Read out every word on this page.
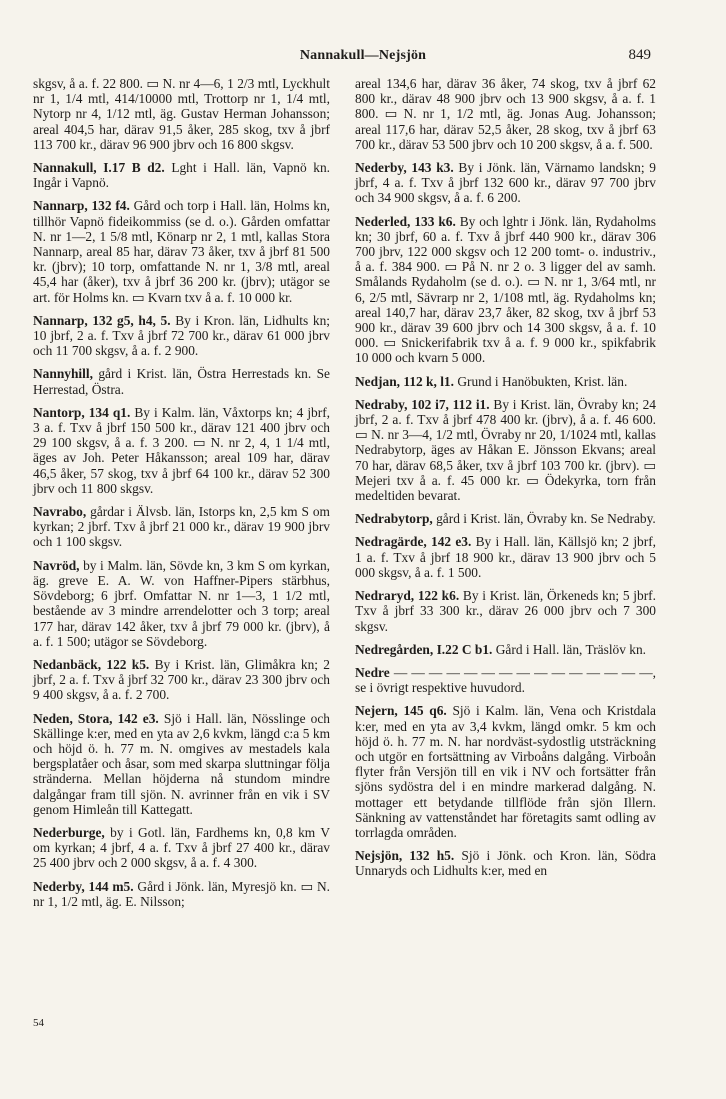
Nannakull—Nejsjön	849

skgsv, å a. f. 22 800. ▭ N. nr 4—6, 1 2/3 mtl, Lyckhult nr 1, 1/4 mtl, 414/10000 mtl, Trottorp nr 1, 1/4 mtl, Nytorp nr 4, 1/12 mtl, äg. Gustav Herman Johansson; areal 404,5 har, därav 91,5 åker, 285 skog, txv å jbrf 113 700 kr., därav 96 900 jbrv och 16 800 skgsv.

Nannakull, I.17 B d2. Lght i Hall. län, Vapnö kn. Ingår i Vapnö.

Nannarp, 132 f4. Gård och torp i Hall. län, Holms kn, tillhör Vapnö fideikommiss (se d. o.). Gården omfattar N. nr 1—2, 1 5/8 mtl, Könarp nr 2, 1 mtl, kallas Stora Nannarp, areal 85 har, därav 73 åker, txv å jbrf 81 500 kr. (jbrv); 10 torp, omfattande N. nr 1, 3/8 mtl, areal 45,4 har (åker), txv å jbrf 36 200 kr. (jbrv); utägor se art. för Holms kn. ▭ Kvarn txv å a. f. 10 000 kr.

Nannarp, 132 g5, h4, 5. By i Kron. län, Lidhults kn; 10 jbrf, 2 a. f. Txv å jbrf 72 700 kr., därav 61 000 jbrv och 11 700 skgsv, å a. f. 2 900.

Nannyhill, gård i Krist. län, Östra Herrestads kn. Se Herrestad, Östra.

Nantorp, 134 q1. By i Kalm. län, Våxtorps kn; 4 jbrf, 3 a. f. Txv å jbrf 150 500 kr., därav 121 400 jbrv och 29 100 skgsv, å a. f. 3 200. ▭ N. nr 2, 4, 1 1/4 mtl, äges av Joh. Peter Håkansson; areal 109 har, därav 46,5 åker, 57 skog, txv å jbrf 64 100 kr., därav 52 300 jbrv och 11 800 skgsv.

Navrabo, gårdar i Älvsb. län, Istorps kn, 2,5 km S om kyrkan; 2 jbrf. Txv å jbrf 21 000 kr., därav 19 900 jbrv och 1 100 skgsv.

Navröd, by i Malm. län, Sövde kn, 3 km S om kyrkan, äg. greve E. A. W. von Haffner-Pipers stärbhus, Sövdeborg; 6 jbrf. Omfattar N. nr 1—3, 1 1/2 mtl, bestående av 3 mindre arrendelotter och 3 torp; areal 177 har, därav 142 åker, txv å jbrf 79 000 kr. (jbrv), å a. f. 1 500; utägor se Sövdeborg.

Nedanbäck, 122 k5. By i Krist. län, Glimåkra kn; 2 jbrf, 2 a. f. Txv å jbrf 32 700 kr., därav 23 300 jbrv och 9 400 skgsv, å a. f. 2 700.

Neden, Stora, 142 e3. Sjö i Hall. län, Nösslinge och Skällinge k:er, med en yta av 2,6 kvkm, längd c:a 5 km och höjd ö. h. 77 m. N. omgives av mestadels kala bergsplatåer och åsar, som med skarpa sluttningar följa stränderna. Mellan höjderna nå stundom mindre dalgångar fram till sjön. N. avrinner från en vik i SV genom Himleån till Kattegatt.

Nederburge, by i Gotl. län, Fardhems kn, 0,8 km V om kyrkan; 4 jbrf, 4 a. f. Txv å jbrf 27 400 kr., därav 25 400 jbrv och 2 000 skgsv, å a. f. 4 300.

Nederby, 144 m5. Gård i Jönk. län, Myresjö kn. ▭ N. nr 1, 1/2 mtl, äg. E. Nilsson;

areal 134,6 har, därav 36 åker, 74 skog, txv å jbrf 62 800 kr., därav 48 900 jbrv och 13 900 skgsv, å a. f. 1 800. ▭ N. nr 1, 1/2 mtl, äg. Jonas Aug. Johansson; areal 117,6 har, därav 52,5 åker, 28 skog, txv å jbrf 63 700 kr., därav 53 500 jbrv och 10 200 skgsv, å a. f. 500.

Nederby, 143 k3. By i Jönk. län, Värnamo landskn; 9 jbrf, 4 a. f. Txv å jbrf 132 600 kr., därav 97 700 jbrv och 34 900 skgsv, å a. f. 6 200.

Nederled, 133 k6. By och lghtr i Jönk. län, Rydaholms kn; 30 jbrf, 60 a. f. Txv å jbrf 440 900 kr., därav 306 700 jbrv, 122 000 skgsv och 12 200 tomt- o. industriv., å a. f. 384 900. ▭ På N. nr 2 o. 3 ligger del av samh. Smålands Rydaholm (se d. o.). ▭ N. nr 1, 3/64 mtl, nr 6, 2/5 mtl, Sävrarp nr 2, 1/108 mtl, äg. Rydaholms kn; areal 140,7 har, därav 23,7 åker, 82 skog, txv å jbrf 53 900 kr., därav 39 600 jbrv och 14 300 skgsv, å a. f. 10 000. ▭ Snickerifabrik txv å a. f. 9 000 kr., spikfabrik 10 000 och kvarn 5 000.

Nedjan, 112 k, l1. Grund i Hanöbukten, Krist. län.

Nedraby, 102 i7, 112 i1. By i Krist. län, Övraby kn; 24 jbrf, 2 a. f. Txv å jbrf 478 400 kr. (jbrv), å a. f. 46 600. ▭ N. nr 3—4, 1/2 mtl, Övraby nr 20, 1/1024 mtl, kallas Nedrabytorp, äges av Håkan E. Jönsson Ekvans; areal 70 har, därav 68,5 åker, txv å jbrf 103 700 kr. (jbrv). ▭ Mejeri txv å a. f. 45 000 kr. ▭ Ödekyrka, torn från medeltiden bevarat.

Nedrabytorp, gård i Krist. län, Övraby kn. Se Nedraby.

Nedragärde, 142 e3. By i Hall. län, Källsjö kn; 2 jbrf, 1 a. f. Txv å jbrf 18 900 kr., därav 13 900 jbrv och 5 000 skgsv, å a. f. 1 500.

Nedraryd, 122 k6. By i Krist. län, Örkeneds kn; 5 jbrf. Txv å jbrf 33 300 kr., därav 26 000 jbrv och 7 300 skgsv.

Nedregården, I.22 C b1. Gård i Hall. län, Träslöv kn.

Nedre — — — — — — — — — — — — — — —, se i övrigt respektive huvudord.

Nejern, 145 q6. Sjö i Kalm. län, Vena och Kristdala k:er, med en yta av 3,4 kvkm, längd omkr. 5 km och höjd ö. h. 77 m. N. har nordväst-sydostlig utsträckning och utgör en fortsättning av Virboåns dalgång. Virboån flyter från Versjön till en vik i NV och fortsätter från sjöns sydöstra del i en mindre markerad dalgång. N. mottager ett betydande tillflöde från sjön Illern. Sänkning av vattenståndet har företagits samt odling av torrlagda områden.

Nejsjön, 132 h5. Sjö i Jönk. och Kron. län, Södra Unnaryds och Lidhults k:er, med en

54
